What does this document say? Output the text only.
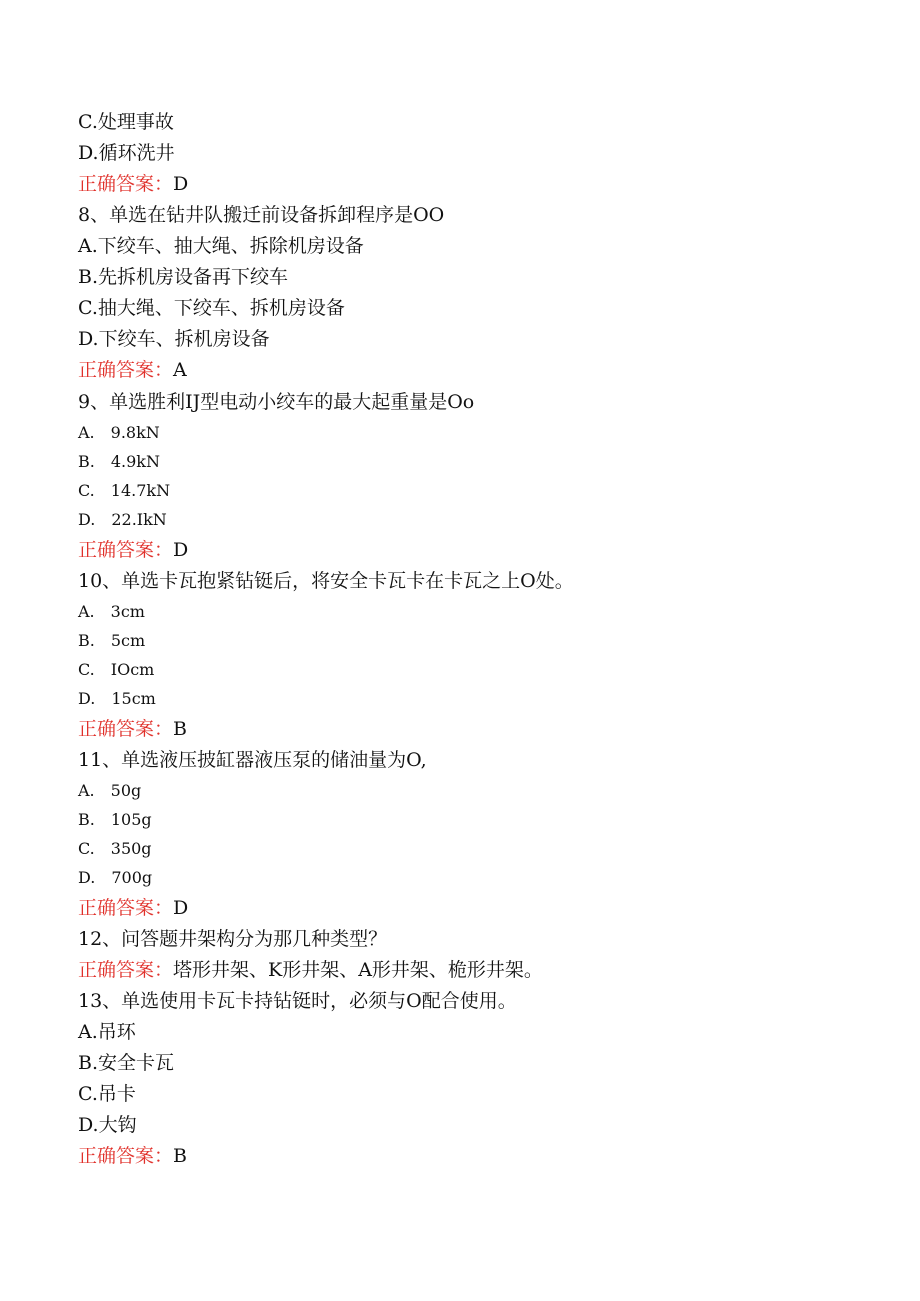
C.处理事故
D.循环洗井
正确答案：D
8、单选在钻井队搬迁前设备拆卸程序是OO
A.下绞车、抽大绳、拆除机房设备
B.先拆机房设备再下绞车
C.抽大绳、下绞车、拆机房设备
D.下绞车、拆机房设备
正确答案：A
9、单选胜利IJ型电动小绞车的最大起重量是Oo
A.　9.8kN
B.　4.9kN
C.　14.7kN
D.　22.IkN
正确答案：D
10、单选卡瓦抱紧钻铤后，将安全卡瓦卡在卡瓦之上O处。
A.　3cm
B.　5cm
C.　IOcm
D.　15cm
正确答案：B
11、单选液压披缸器液压泵的储油量为O,
A.　50g
B.　105g
C.　350g
D.　700g
正确答案：D
12、问答题井架构分为那几种类型？
正确答案：塔形井架、K形井架、A形井架、桅形井架。
13、单选使用卡瓦卡持钻铤时，必须与O配合使用。
A.吊环
B.安全卡瓦
C.吊卡
D.大钩
正确答案：B
